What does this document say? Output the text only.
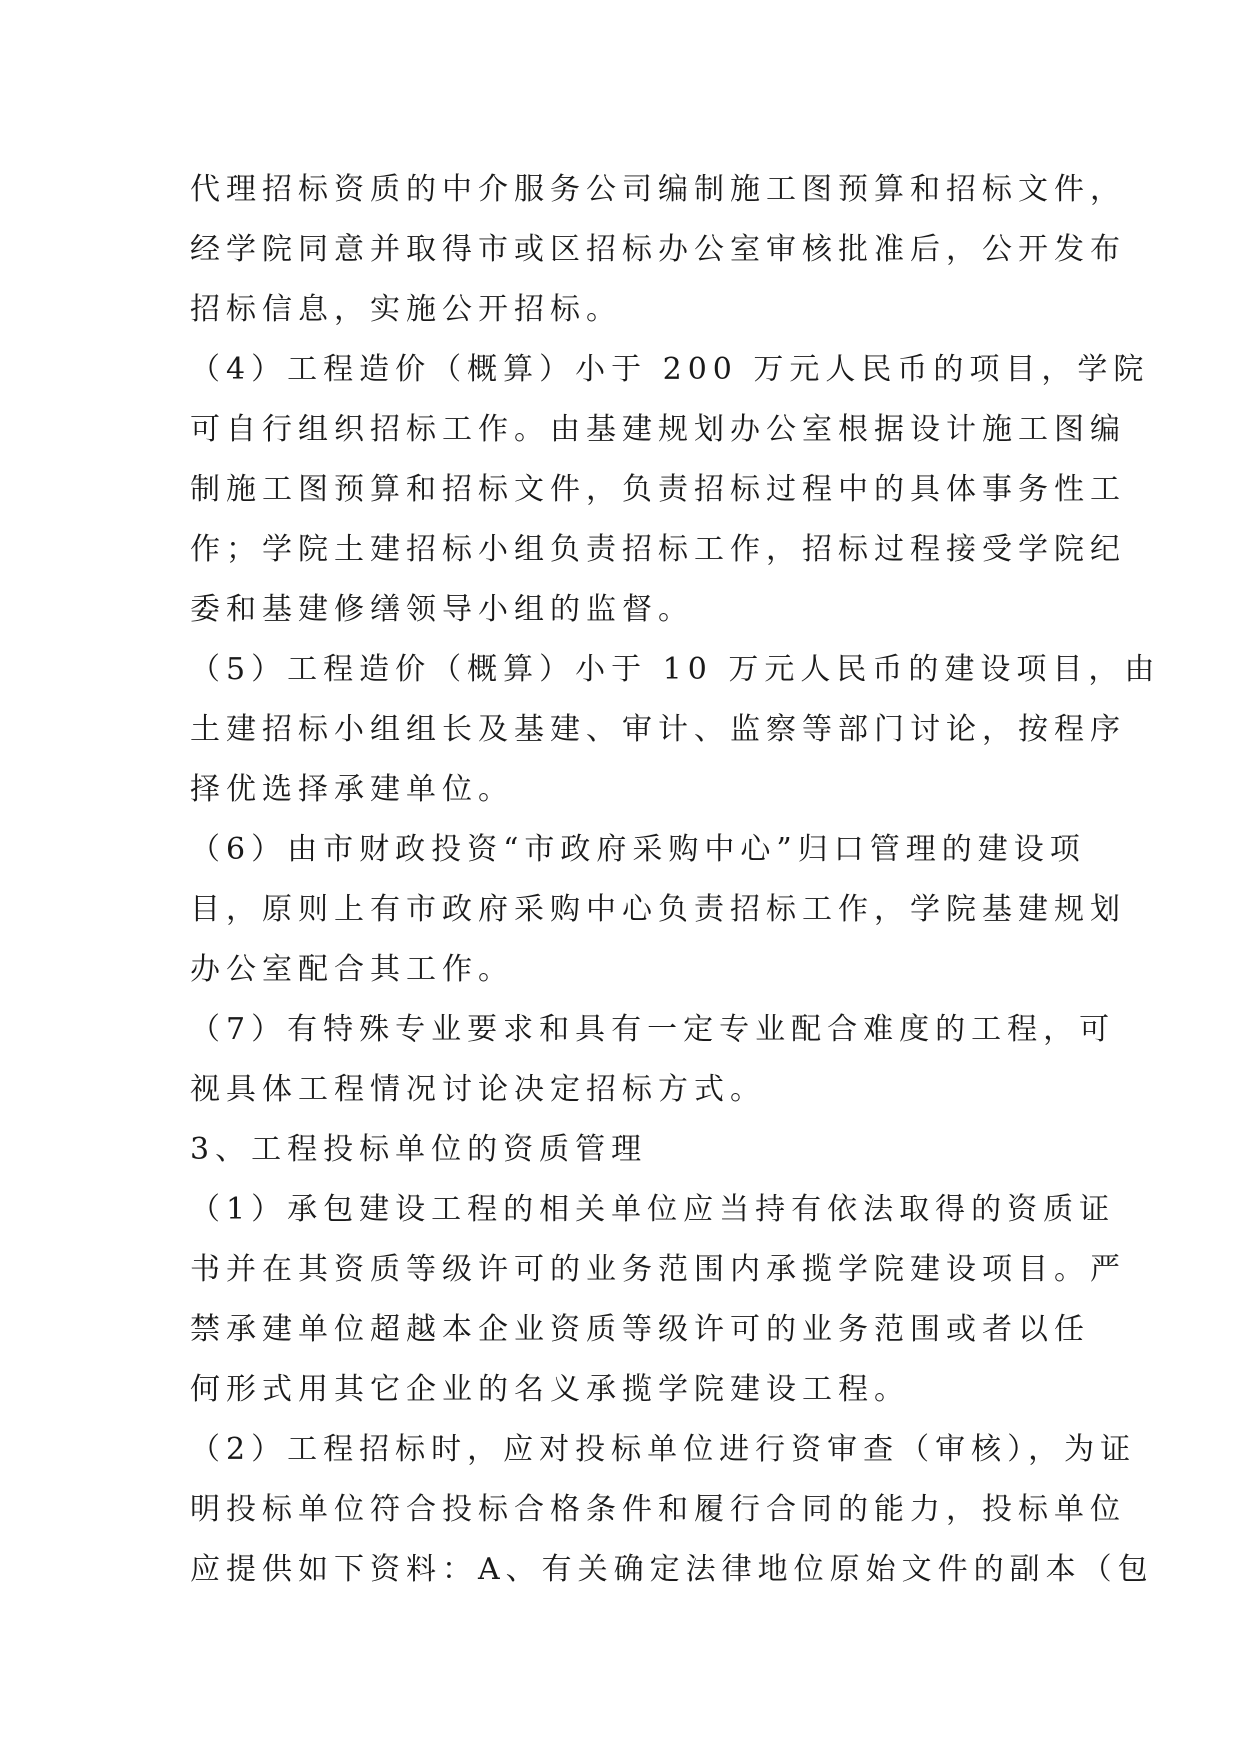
代理招标资质的中介服务公司编制施工图预算和招标文件，
经学院同意并取得市或区招标办公室审核批准后，公开发布
招标信息，实施公开招标。
（4）工程造价（概算）小于 200 万元人民币的项目，学院
可自行组织招标工作。由基建规划办公室根据设计施工图编
制施工图预算和招标文件，负责招标过程中的具体事务性工
作；学院土建招标小组负责招标工作，招标过程接受学院纪
委和基建修缮领导小组的监督。
（5）工程造价（概算）小于 10 万元人民币的建设项目，由
土建招标小组组长及基建、审计、监察等部门讨论，按程序
择优选择承建单位。
（6）由市财政投资“市政府采购中心”归口管理的建设项
目，原则上有市政府采购中心负责招标工作，学院基建规划
办公室配合其工作。
（7）有特殊专业要求和具有一定专业配合难度的工程，可
视具体工程情况讨论决定招标方式。
3、工程投标单位的资质管理
（1）承包建设工程的相关单位应当持有依法取得的资质证
书并在其资质等级许可的业务范围内承揽学院建设项目。严
禁承建单位超越本企业资质等级许可的业务范围或者以任
何形式用其它企业的名义承揽学院建设工程。
（2）工程招标时，应对投标单位进行资审查（审核），为证
明投标单位符合投标合格条件和履行合同的能力，投标单位
应提供如下资料：A、有关确定法律地位原始文件的副本（包
